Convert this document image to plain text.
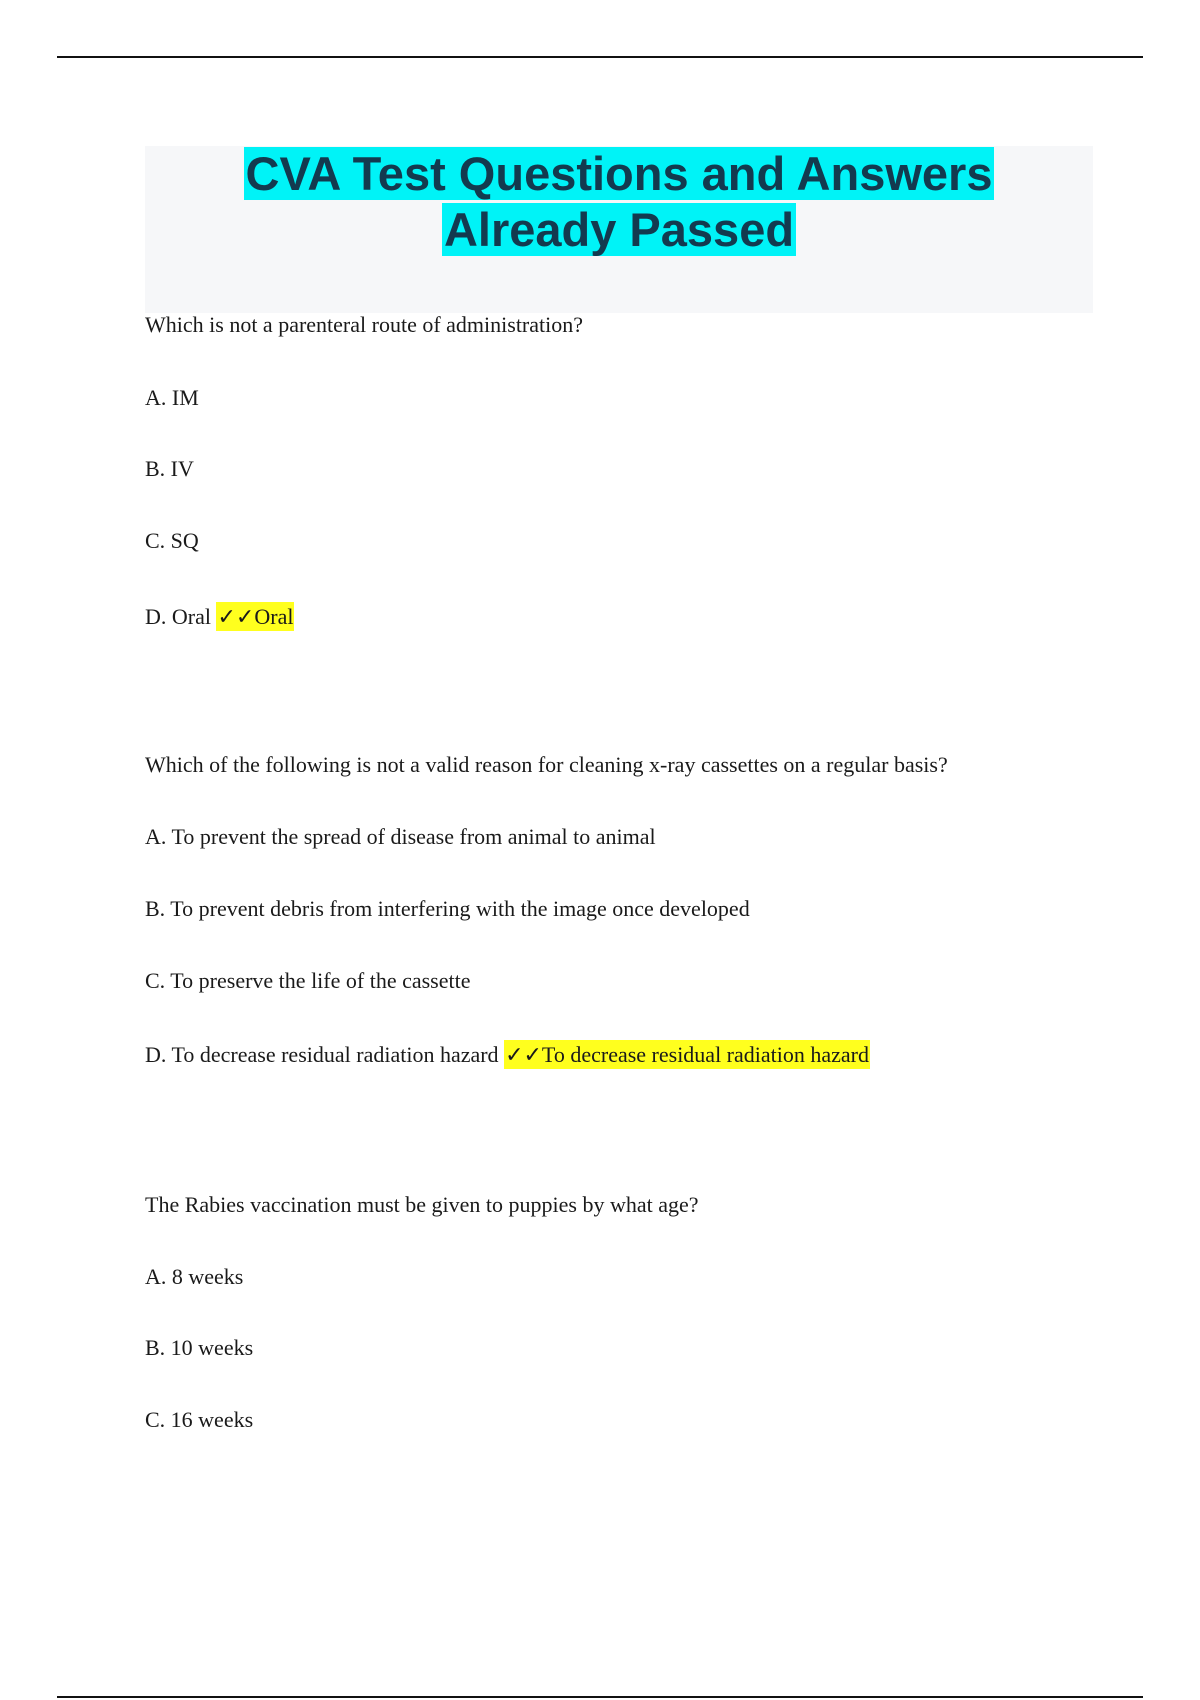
CVA Test Questions and Answers
Already Passed
Which is not a parenteral route of administration?
A. IM
B. IV
C. SQ
D. Oral ✓✓Oral
Which of the following is not a valid reason for cleaning x-ray cassettes on a regular basis?
A. To prevent the spread of disease from animal to animal
B. To prevent debris from interfering with the image once developed
C. To preserve the life of the cassette
D. To decrease residual radiation hazard ✓✓To decrease residual radiation hazard
The Rabies vaccination must be given to puppies by what age?
A. 8 weeks
B. 10 weeks
C. 16 weeks
